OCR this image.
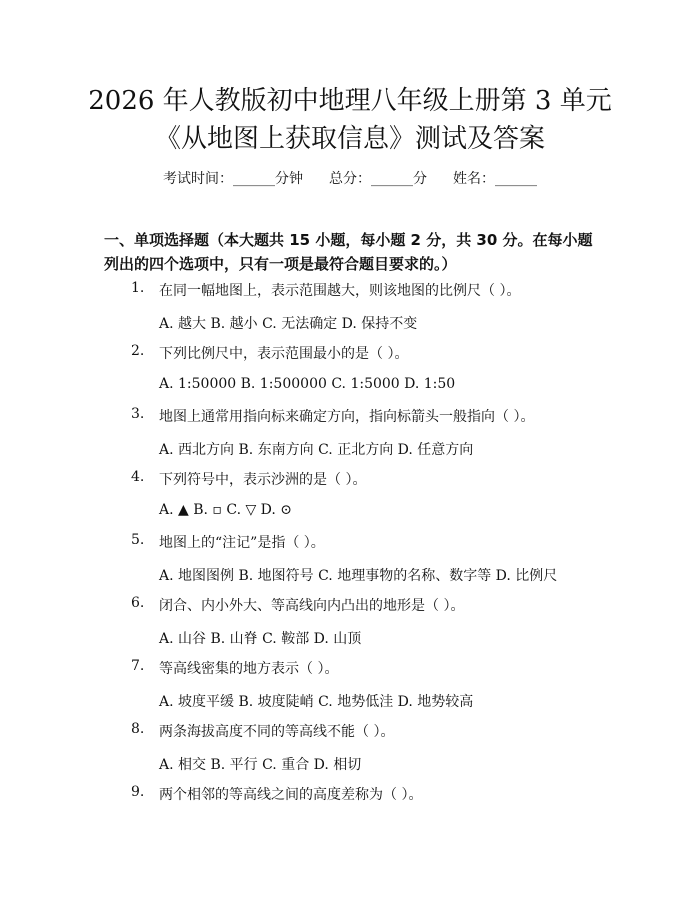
2026 年人教版初中地理八年级上册第 3 单元
《从地图上获取信息》测试及答案
考试时间：______分钟 总分：______分 姓名：______
一、单项选择题（本大题共 15 小题，每小题 2 分，共 30 分。在每小题列出的四个选项中，只有一项是最符合题目要求的。）
1. 在同一幅地图上，表示范围越大，则该地图的比例尺（ ）。
A. 越大 B. 越小 C. 无法确定 D. 保持不变
2. 下列比例尺中，表示范围最小的是（ ）。
A. 1:50000 B. 1:500000 C. 1:5000 D. 1:50
3. 地图上通常用指向标来确定方向，指向标箭头一般指向（ ）。
A. 西北方向 B. 东南方向 C. 正北方向 D. 任意方向
4. 下列符号中，表示沙洲的是（ ）。
A. ▲ B. ▫ C. ▽ D. ⊙
5. 地图上的“注记”是指（ ）。
A. 地图图例 B. 地图符号 C. 地理事物的名称、数字等 D. 比例尺
6. 闭合、内小外大、等高线向内凸出的地形是（ ）。
A. 山谷 B. 山脊 C. 鞍部 D. 山顶
7. 等高线密集的地方表示（ ）。
A. 坡度平缓 B. 坡度陡峭 C. 地势低洼 D. 地势较高
8. 两条海拔高度不同的等高线不能（ ）。
A. 相交 B. 平行 C. 重合 D. 相切
9. 两个相邻的等高线之间的高度差称为（ ）。
